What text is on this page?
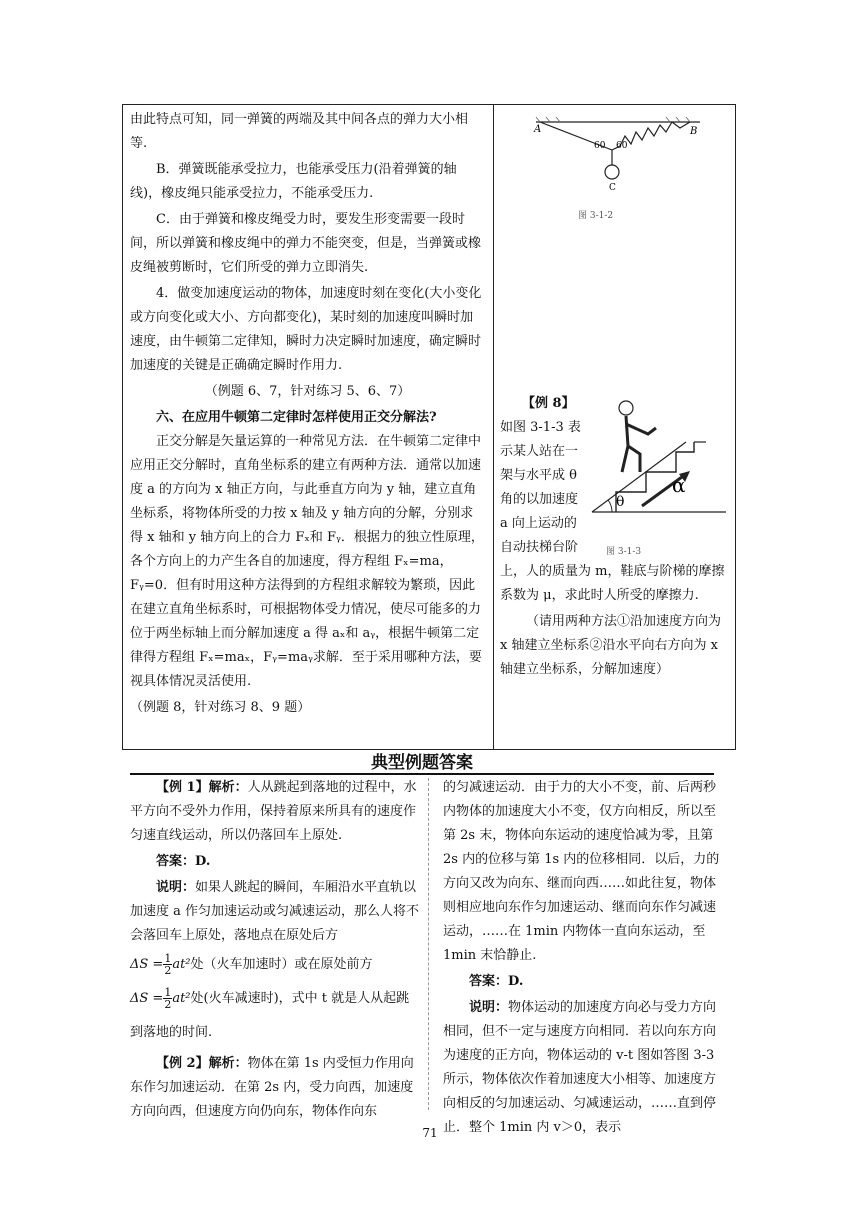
由此特点可知，同一弹簧的两端及其中间各点的弹力大小相等.

B．弹簧既能承受拉力，也能承受压力(沿着弹簧的轴线)，橡皮绳只能承受拉力，不能承受压力.

C．由于弹簧和橡皮绳受力时，要发生形变需要一段时间，所以弹簧和橡皮绳中的弹力不能突变，但是，当弹簧或橡皮绳被剪断时，它们所受的弹力立即消失.

4．做变加速度运动的物体，加速度时刻在变化(大小变化或方向变化或大小、方向都变化)，某时刻的加速度叫瞬时加速度，由牛顿第二定律知，瞬时力决定瞬时加速度，确定瞬时加速度的关键是正确确定瞬时作用力.

（例题 6、7，针对练习 5、6、7）

六、在应用牛顿第二定律时怎样使用正交分解法?

正交分解是矢量运算的一种常见方法．在牛顿第二定律中应用正交分解时，直角坐标系的建立有两种方法．通常以加速度 a 的方向为 x 轴正方向，与此垂直方向为 y 轴，建立直角坐标系，将物体所受的力按 x 轴及 y 轴方向的分解，分别求得 x 轴和 y 轴方向上的合力 Fₓ和 Fᵧ．根据力的独立性原理，各个方向上的力产生各自的加速度，得方程组 Fₓ=ma，Fᵧ=0．但有时用这种方法得到的方程组求解较为繁琐，因此在建立直角坐标系时，可根据物体受力情况，使尽可能多的力位于两坐标轴上而分解加速度 a 得 aₓ和 aᵧ，根据牛顿第二定律得方程组 Fₓ=maₓ，Fᵧ=maᵧ求解．至于采用哪种方法，要视具体情况灵活使用.

（例题 8，针对练习 8、9 题）

A	B
C
60 60
图 3-1-2

α
θ
图 3-1-3
【例 8】如图 3-1-3 表示某人站在一架与水平成 θ 角的以加速度 a 向上运动的自动扶梯台阶上，人的质量为 m，鞋底与阶梯的摩擦系数为 μ，求此时人所受的摩擦力.

（请用两种方法①沿加速度方向为 x 轴建立坐标系②沿水平向右方向为 x 轴建立坐标系，分解加速度）

典型例题答案

【例 1】解析：人从跳起到落地的过程中，水平方向不受外力作用，保持着原来所具有的速度作匀速直线运动，所以仍落回车上原处.

答案：D.

说明：如果人跳起的瞬间，车厢沿水平直轨以加速度 a 作匀加速运动或匀减速运动，那么人将不会落回车上原处，落地点在原处后方

$\Delta S = \frac{1}{2} at^2$处（火车加速时）或在原处前方

$\Delta S = \frac{1}{2} at^2$处(火车减速时)，式中 t 就是人从起跳到落地的时间.

【例 2】解析：物体在第 1s 内受恒力作用向东作匀加速运动．在第 2s 内，受力向西，加速度方向向西，但速度方向仍向东，物体作向东

的匀减速运动．由于力的大小不变，前、后两秒内物体的加速度大小不变，仅方向相反，所以至第 2s 末，物体向东运动的速度恰减为零，且第 2s 内的位移与第 1s 内的位移相同．以后，力的方向又改为向东、继而向西……如此往复，物体则相应地向东作匀加速运动、继而向东作匀减速运动，……在 1min 内物体一直向东运动，至 1min 末恰静止.

答案：D.

说明：物体运动的加速度方向必与受力方向相同，但不一定与速度方向相同．若以向东方向为速度的正方向，物体运动的 v-t 图如答图 3-3 所示，物体依次作着加速度大小相等、加速度方向相反的匀加速运动、匀减速运动，……直到停止．整个 1min 内 v＞0，表示

71
